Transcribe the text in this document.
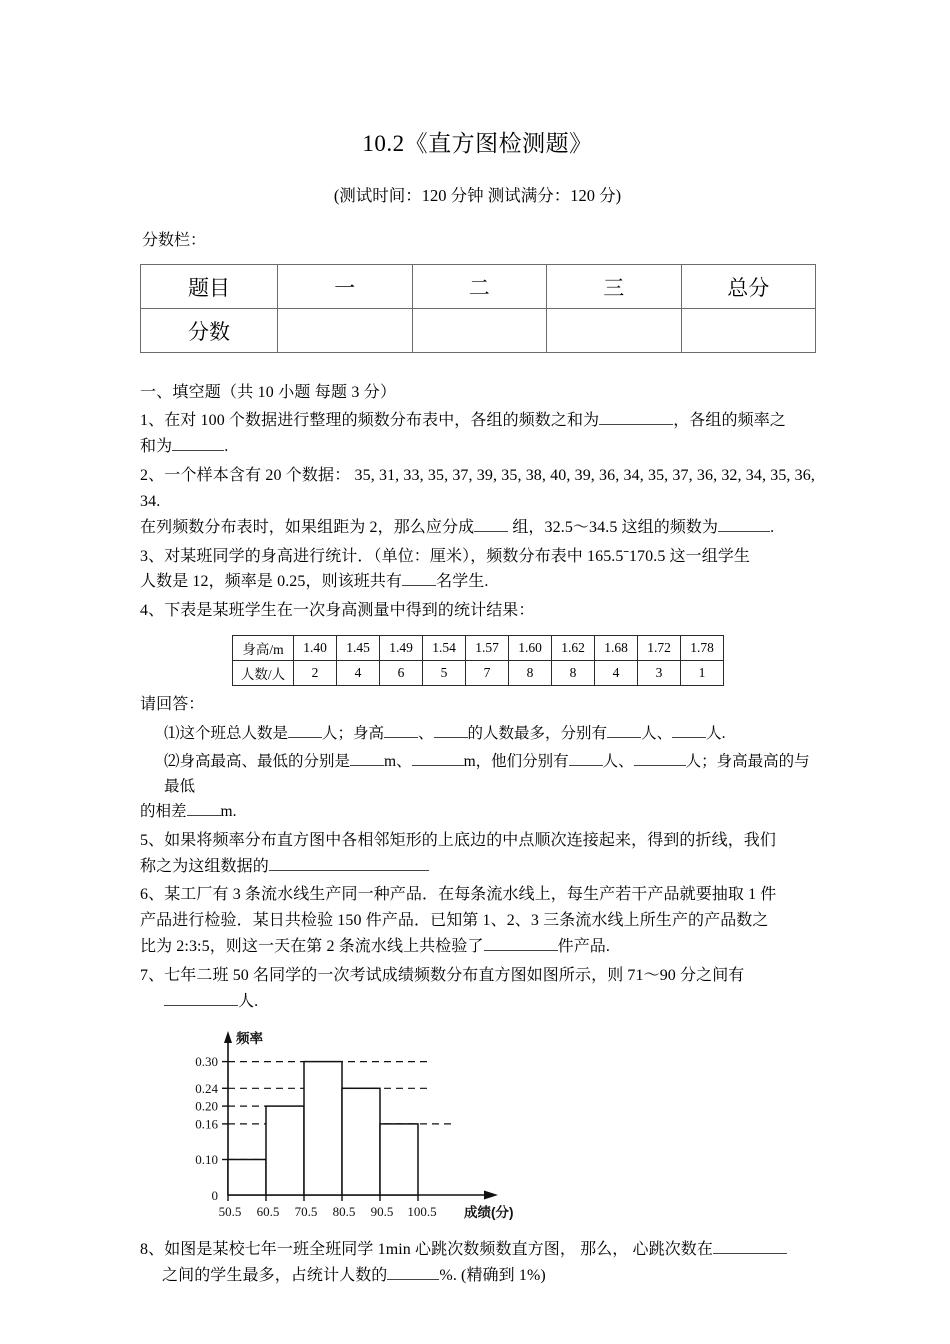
10.2《直方图检测题》

(测试时间：120 分钟 测试满分：120 分)

分数栏：

题目	一	二	三	总分
分数				

一、填空题（共 10 小题 每题 3 分）

1、在对 100 个数据进行整理的频数分布表中，各组的频数之和为	，各组的频率之
和为	.

2、一个样本含有 20 个数据： 35, 31, 33, 35, 37, 39, 35, 38, 40, 39, 36, 34, 35, 37, 36, 32, 34, 35, 36, 34.
在列频数分布表时，如果组距为 2，那么应分成 组，32.5～34.5 这组的频数为	.

3、对某班同学的身高进行统计．（单位：厘米），频数分布表中 165.5ˉ170.5 这一组学生
人数是 12，频率是 0.25，则该班共有 名学生.

4、下表是某班学生在一次身高测量中得到的统计结果：

身高/m	1.40	1.45	1.49	1.54	1.57	1.60	1.62	1.68	1.72	1.78
人数/人	2	4	6	5	7	8	8	4	3	1

请回答：

⑴这个班总人数是 人；身高 、 的人数最多，分别有 人、 人.

⑵身高最高、最低的分别是 m、	m，他们分别有 人、	人；身高最高的与最低

的相差 m.

5、如果将频率分布直方图中各相邻矩形的上底边的中点顺次连接起来，得到的折线，我们
称之为这组数据的

6、某工厂有 3 条流水线生产同一种产品．在每条流水线上，每生产若干产品就要抽取 1 件
产品进行检验．某日共检验 150 件产品．已知第 1、2、3 三条流水线上所生产的产品数之
比为 2:3:5，则这一天在第 2 条流水线上共检验了	件产品.

7、七年二班 50 名同学的一次考试成绩频数分布直方图如图所示，则 71～90 分之间有
人.

0.30
0.24
0.20
0.16
0.10
0
50.5 60.5 70.5 80.5 90.5 100.5
频率
成绩(分)

8、如图是某校七年一班全班同学 1min 心跳次数频数直方图， 那么， 心跳次数在
之间的学生最多，占统计人数的	%. (精确到 1%)
